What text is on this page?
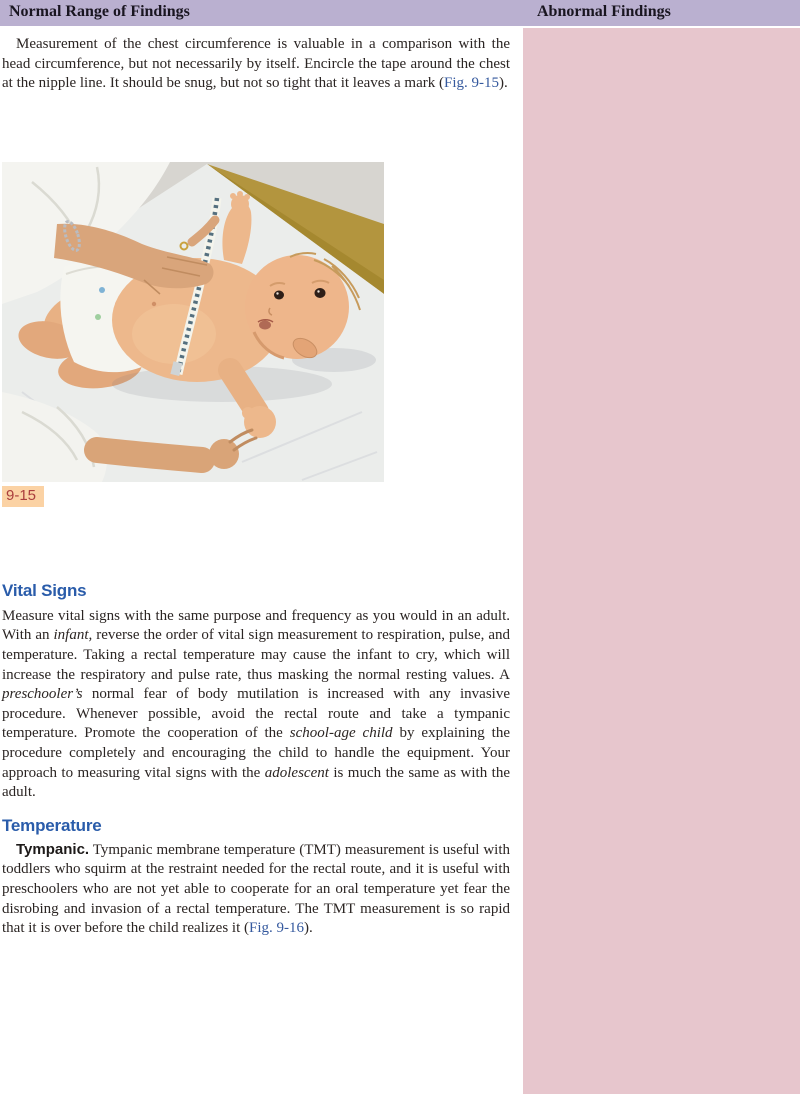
Normal Range of Findings	Abnormal Findings

Measurement of the chest circumference is valuable in a comparison with the head circumference, but not necessarily by itself. Encircle the tape around the chest at the nipple line. It should be snug, but not so tight that it leaves a mark (Fig. 9-15).

9-15
Vital Signs

Measure vital signs with the same purpose and frequency as you would in an adult. With an infant, reverse the order of vital sign measurement to respiration, pulse, and temperature. Taking a rectal temperature may cause the infant to cry, which will increase the respiratory and pulse rate, thus masking the normal resting values. A preschooler’s normal fear of body mutilation is increased with any invasive procedure. Whenever possible, avoid the rectal route and take a tympanic temperature. Promote the cooperation of the school-age child by explaining the procedure completely and encouraging the child to handle the equipment. Your approach to measuring vital signs with the adolescent is much the same as with the adult.

Temperature

Tympanic. Tympanic membrane temperature (TMT) measurement is useful with toddlers who squirm at the restraint needed for the rectal route, and it is useful with preschoolers who are not yet able to cooperate for an oral temperature yet fear the disrobing and invasion of a rectal temperature. The TMT measurement is so rapid that it is over before the child realizes it (Fig. 9-16).
